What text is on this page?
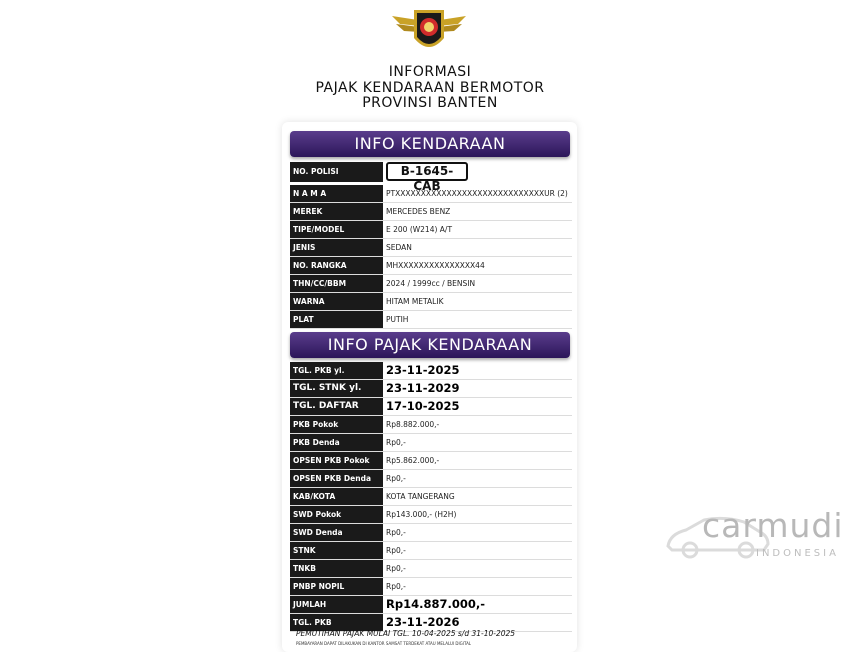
INFORMASI
PAJAK KENDARAAN BERMOTOR
PROVINSI BANTEN
INFO KENDARAAN
NO. POLISI	B-1645-CAB
N A M A	PTXXXXXXXXXXXXXXXXXXXXXXXXXXXXXUR (2)
MEREK	MERCEDES BENZ
TIPE/MODEL	E 200 (W214) A/T
JENIS	SEDAN
NO. RANGKA	MHXXXXXXXXXXXXXXX44
THN/CC/BBM	2024 / 1999cc / BENSIN
WARNA	HITAM METALIK
PLAT	PUTIH
INFO PAJAK KENDARAAN
TGL. PKB yl.	23-11-2025
TGL. STNK yl.	23-11-2029
TGL. DAFTAR	17-10-2025
PKB Pokok	Rp8.882.000,-
PKB Denda	Rp0,-
OPSEN PKB Pokok	Rp5.862.000,-
OPSEN PKB Denda	Rp0,-
KAB/KOTA	KOTA TANGERANG
SWD Pokok	Rp143.000,- (H2H)
SWD Denda	Rp0,-
STNK	Rp0,-
TNKB	Rp0,-
PNBP NOPIL	Rp0,-
JUMLAH	Rp14.887.000,-
TGL. PKB	23-11-2026
PEMUTIHAN PAJAK MULAI TGL. 10-04-2025 s/d 31-10-2025
PEMBAYARAN DAPAT DILAKUKAN DI KANTOR SAMSAT TERDEKAT ATAU MELALUI DIGITAL
carmudi
INDONESIA
